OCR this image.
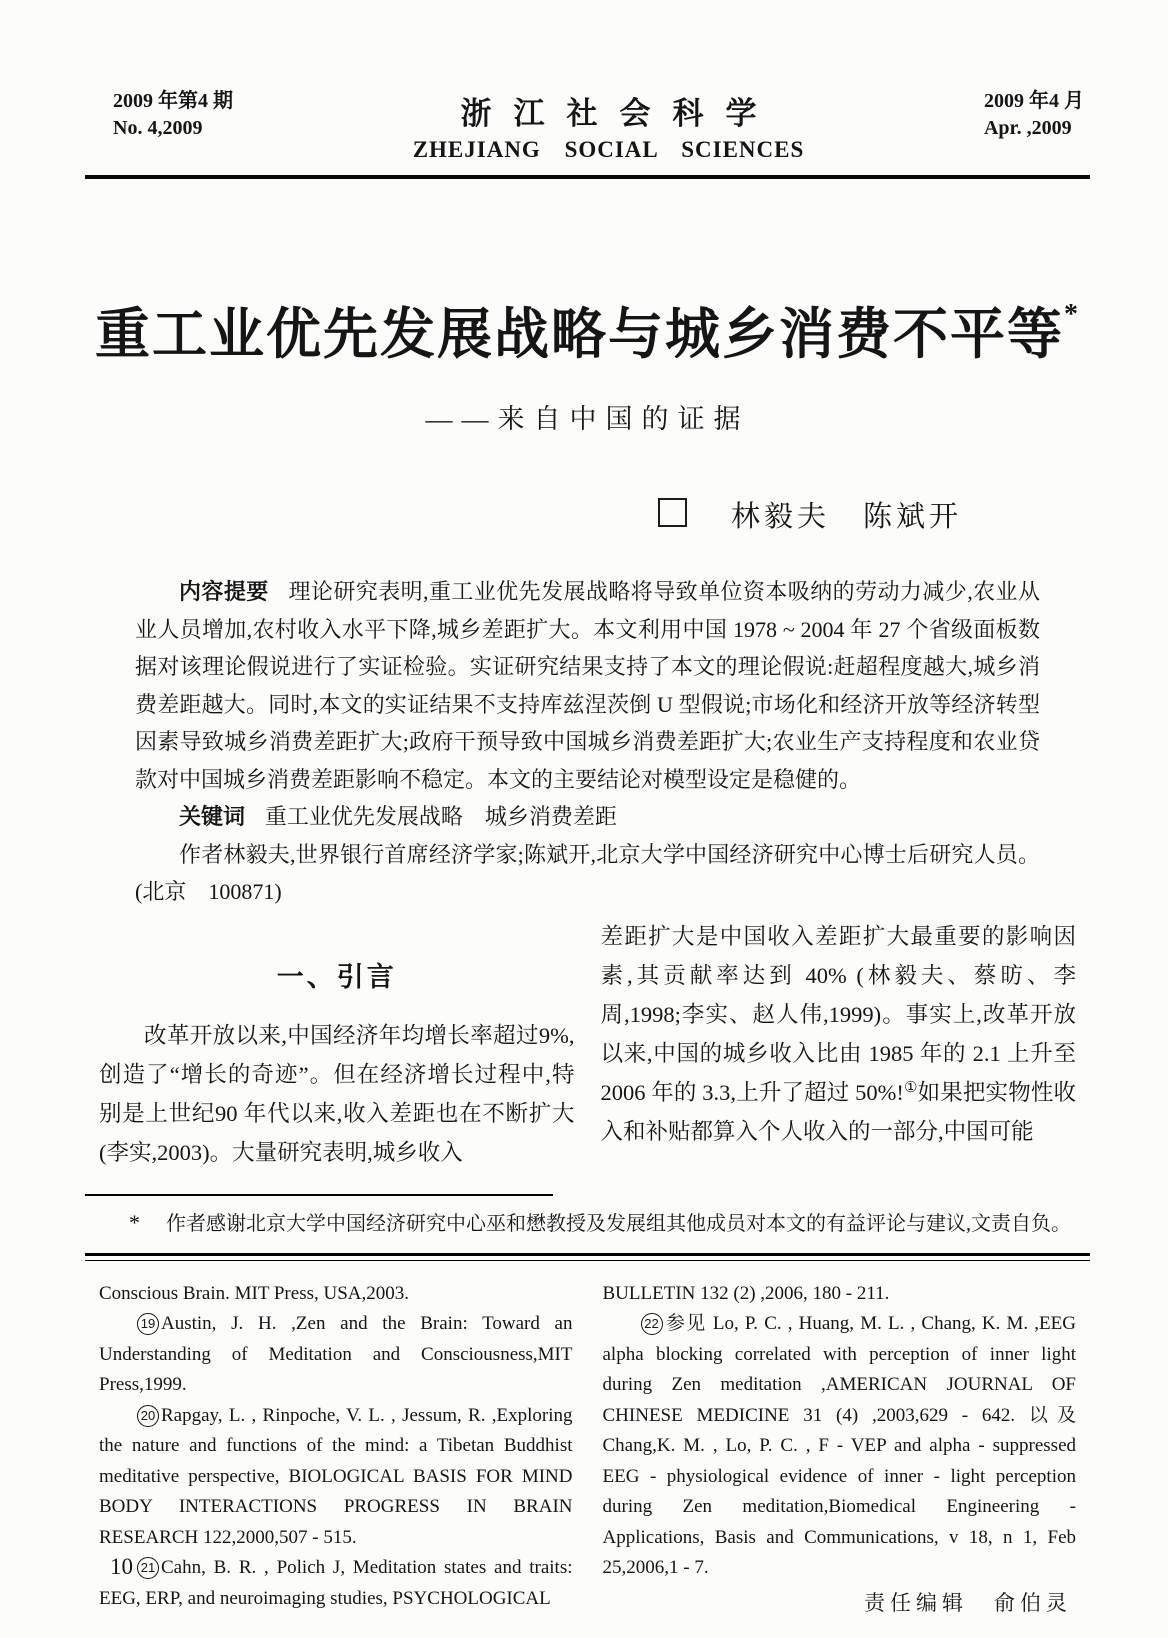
2009 年第4 期
No. 4,2009	浙江社会科学
ZHEJIANG SOCIAL SCIENCES
2009 年4 月
Apr. ,2009
重工业优先发展战略与城乡消费不平等*
——来自中国的证据
林毅夫　陈斌开

内容提要 理论研究表明,重工业优先发展战略将导致单位资本吸纳的劳动力减少,农业从业人员增加,农村收入水平下降,城乡差距扩大。本文利用中国 1978 ~ 2004 年 27 个省级面板数据对该理论假说进行了实证检验。实证研究结果支持了本文的理论假说:赶超程度越大,城乡消费差距越大。同时,本文的实证结果不支持库兹涅茨倒 U 型假说;市场化和经济开放等经济转型因素导致城乡消费差距扩大;政府干预导致中国城乡消费差距扩大;农业生产支持程度和农业贷款对中国城乡消费差距影响不稳定。本文的主要结论对模型设定是稳健的。

关键词 重工业优先发展战略　城乡消费差距

作者林毅夫,世界银行首席经济学家;陈斌开,北京大学中国经济研究中心博士后研究人员。(北京　100871)

一、引言

改革开放以来,中国经济年均增长率超过9%,创造了“增长的奇迹”。但在经济增长过程中,特别是上世纪90 年代以来,收入差距也在不断扩大(李实,2003)。大量研究表明,城乡收入

差距扩大是中国收入差距扩大最重要的影响因素,其贡献率达到 40% (林毅夫、蔡昉、李周,1998;李实、赵人伟,1999)。事实上,改革开放以来,中国的城乡收入比由 1985 年的 2.1 上升至 2006 年的 3.3,上升了超过 50%!①如果把实物性收入和补贴都算入个人收入的一部分,中国可能

* 作者感谢北京大学中国经济研究中心巫和懋教授及发展组其他成员对本文的有益评论与建议,文责自负。

Conscious Brain. MIT Press, USA,2003.

19 Austin, J. H. ,Zen and the Brain: Toward an Understanding of Meditation and Consciousness,MIT Press,1999.

20 Rapgay, L. , Rinpoche, V. L. , Jessum, R. ,Exploring the nature and functions of the mind: a Tibetan Buddhist meditative perspective, BIOLOGICAL BASIS FOR MIND BODY INTERACTIONS PROGRESS IN BRAIN RESEARCH 122,2000,507 - 515.

21 Cahn, B. R. , Polich J, Meditation states and traits: EEG, ERP, and neuroimaging studies, PSYCHOLOGICAL

BULLETIN 132 (2) ,2006, 180 - 211.

22 参见 Lo, P. C. , Huang, M. L. , Chang, K. M. ,EEG alpha blocking correlated with perception of inner light during Zen meditation ,AMERICAN JOURNAL OF CHINESE MEDICINE 31 (4) ,2003,629 - 642. 以及 Chang,K. M. , Lo, P. C. , F - VEP and alpha - suppressed EEG - physiological evidence of inner - light perception during Zen meditation,Biomedical Engineering - Applications, Basis and Communications, v 18, n 1, Feb 25,2006,1 - 7.

责任编辑　俞伯灵

10
